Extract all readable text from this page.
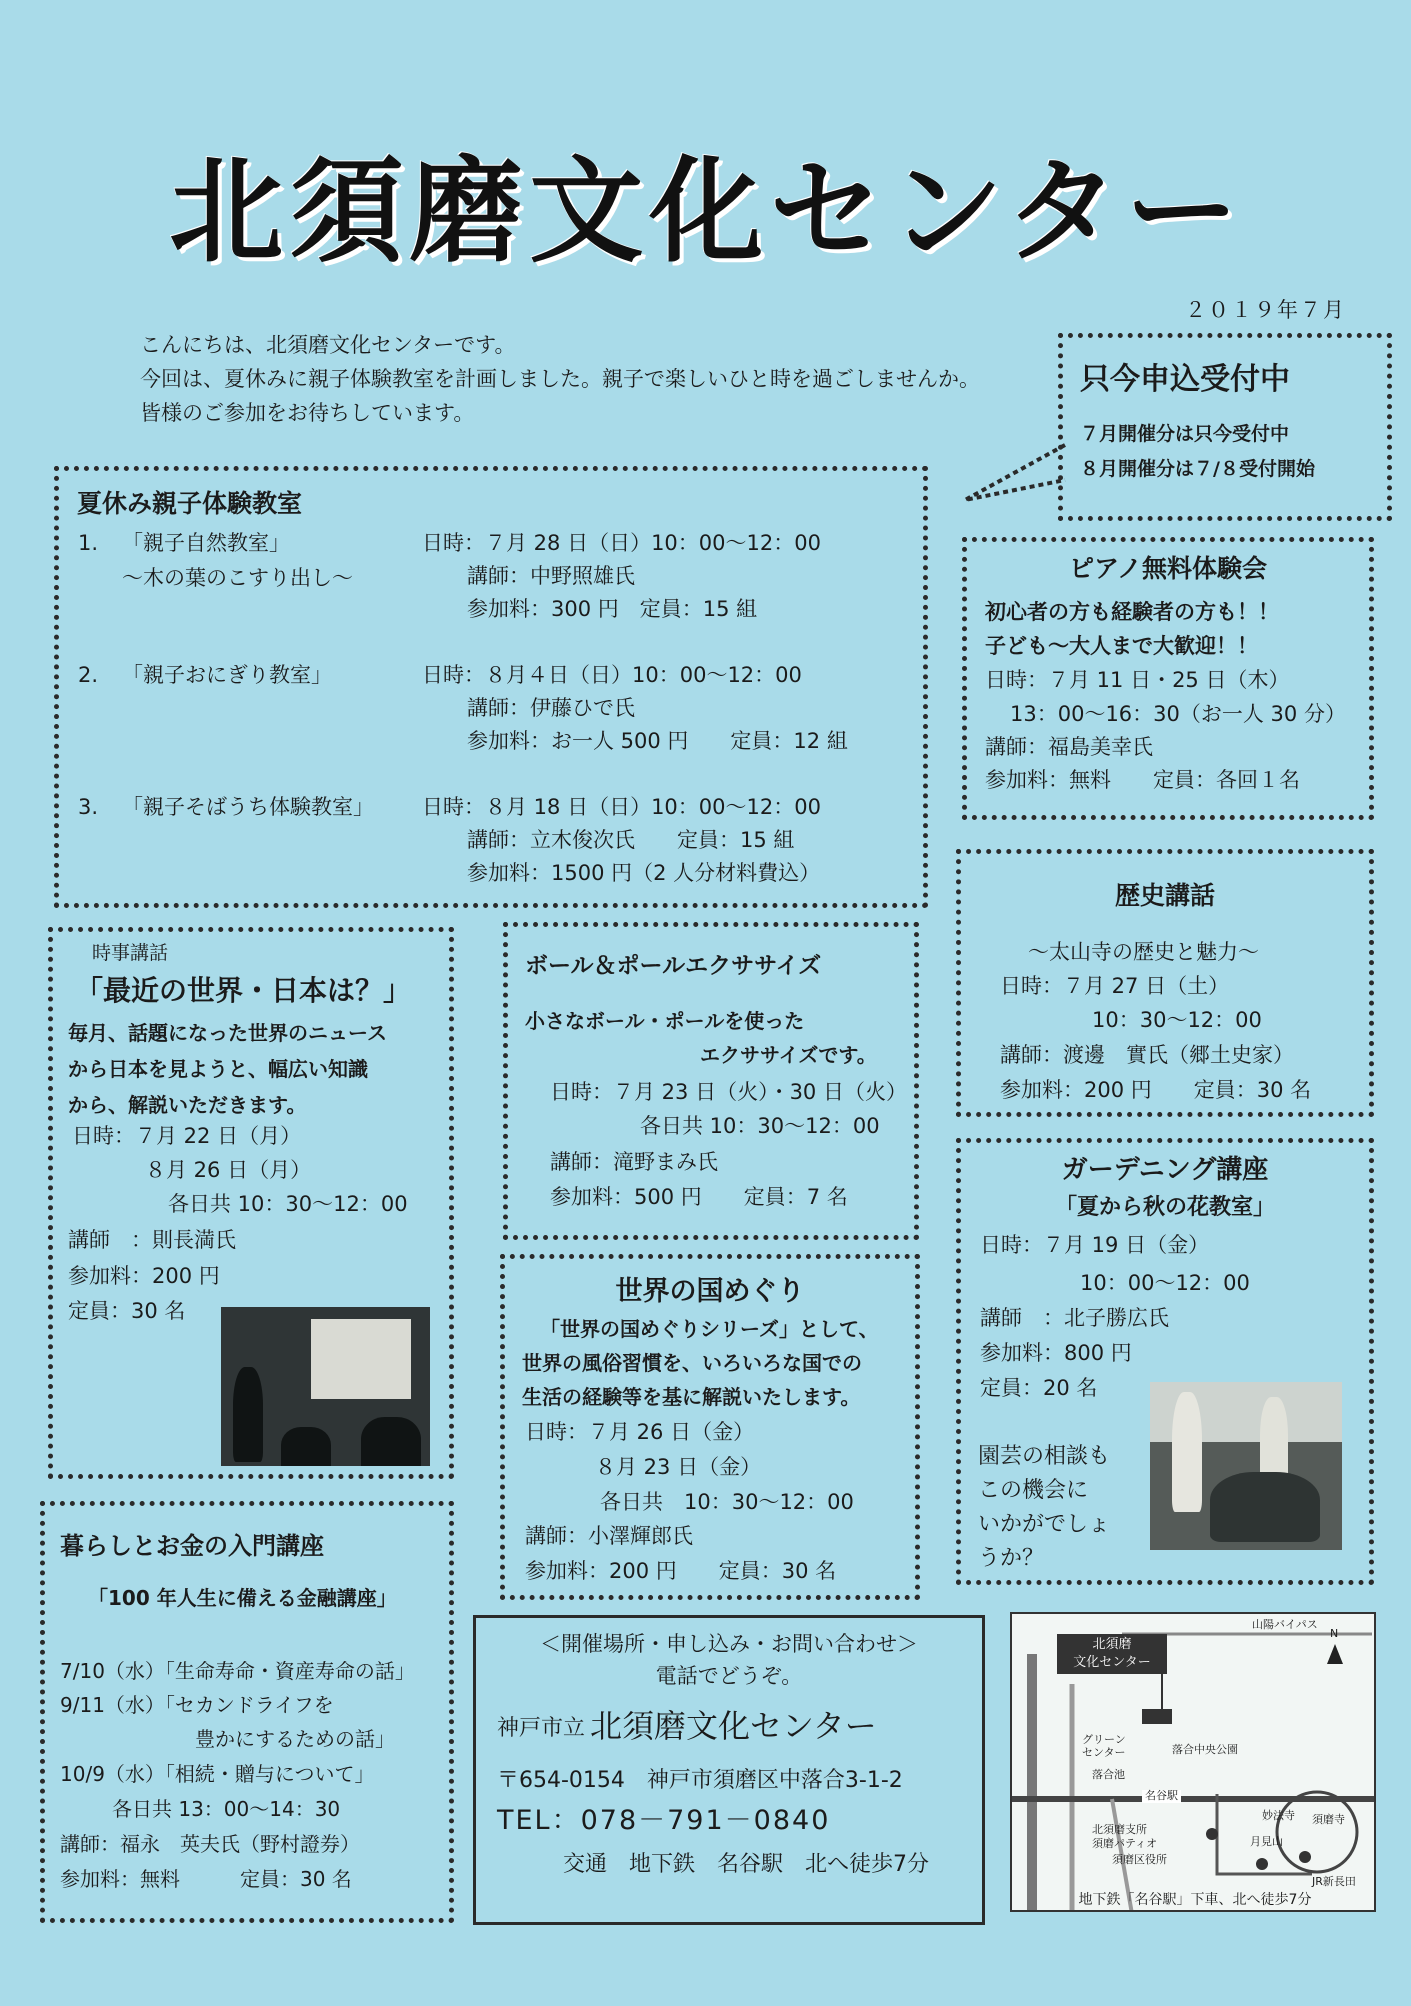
北須磨文化センター
２０１９年７月
こんにちは、北須磨文化センターです。
今回は、夏休みに親子体験教室を計画しました。親子で楽しいひと時を過ごしませんか。
皆様のご参加をお待ちしています。
只今申込受付中
７月開催分は只今受付中
８月開催分は７/８受付開始
夏休み親子体験教室
1. 「親子自然教室」
～木の葉のこすり出し～
日時：７月 28 日（日）10：00～12：00
講師：中野照雄氏
参加料：300 円　定員：15 組
2. 「親子おにぎり教室」	日時：８月４日（日）10：00～12：00
講師：伊藤ひで氏
参加料：お一人 500 円　　定員：12 組
3. 「親子そばうち体験教室」 日時：８月 18 日（日）10：00～12：00
講師：立木俊次氏　　定員：15 組
参加料：1500 円（2 人分材料費込）
ピアノ無料体験会
初心者の方も経験者の方も！！
子ども～大人まで大歓迎！！
日時：７月 11 日・25 日（木）
13：00～16：30（お一人 30 分）
講師：福島美幸氏
参加料：無料　　定員：各回１名
時事講話
「最近の世界・日本は？」
毎月、話題になった世界のニュース
から日本を見ようと、幅広い知識
から、解説いただきます。
日時：７月 22 日（月）
８月 26 日（月）
各日共 10：30～12：00
講師　：則長満氏
参加料：200 円
定員：30 名
ボール＆ポールエクササイズ
小さなボール・ポールを使った
エクササイズです。
日時：７月 23 日（火）・30 日（火）
各日共 10：30～12：00
講師：滝野まみ氏
参加料：500 円　　定員：7 名
歴史講話
～太山寺の歴史と魅力～
日時：７月 27 日（土）
10：30～12：00
講師：渡邊　實氏（郷土史家）
参加料：200 円　　定員：30 名
ガーデニング講座
「夏から秋の花教室」
日時：７月 19 日（金）
10：00～12：00
講師　：北子勝広氏
参加料：800 円
定員：20 名
園芸の相談も
この機会に
いかがでしょ
うか？
世界の国めぐり
「世界の国めぐりシリーズ」として、
世界の風俗習慣を、いろいろな国での
生活の経験等を基に解説いたします。
日時：７月 26 日（金）
８月 23 日（金）
各日共　10：30～12：00
講師：小澤輝郎氏
参加料：200 円　　定員：30 名
暮らしとお金の入門講座
「100 年人生に備える金融講座」
7/10（水）「生命寿命・資産寿命の話」
9/11（水）「セカンドライフを
豊かにするための話」
10/9（水）「相続・贈与について」
各日共 13：00～14：30
講師：福永　英夫氏（野村證券）
参加料：無料　　　定員：30 名
＜開催場所・申し込み・お問い合わせ＞
電話でどうぞ。
神戸市立 北須磨文化センター
〒654-0154　神戸市須磨区中落合3-1-2
TEL：078－791－0840
交通　地下鉄　名谷駅　北へ徒歩7分
北須磨
文化センター
N
山陽バイパス
グリーン
センター	落合中央公園
落合池
名谷駅
北須磨支所
須磨パティオ
須磨区役所
妙法寺
月見山
須磨寺
JR新長田
地下鉄「名谷駅」下車、北へ徒歩7分
